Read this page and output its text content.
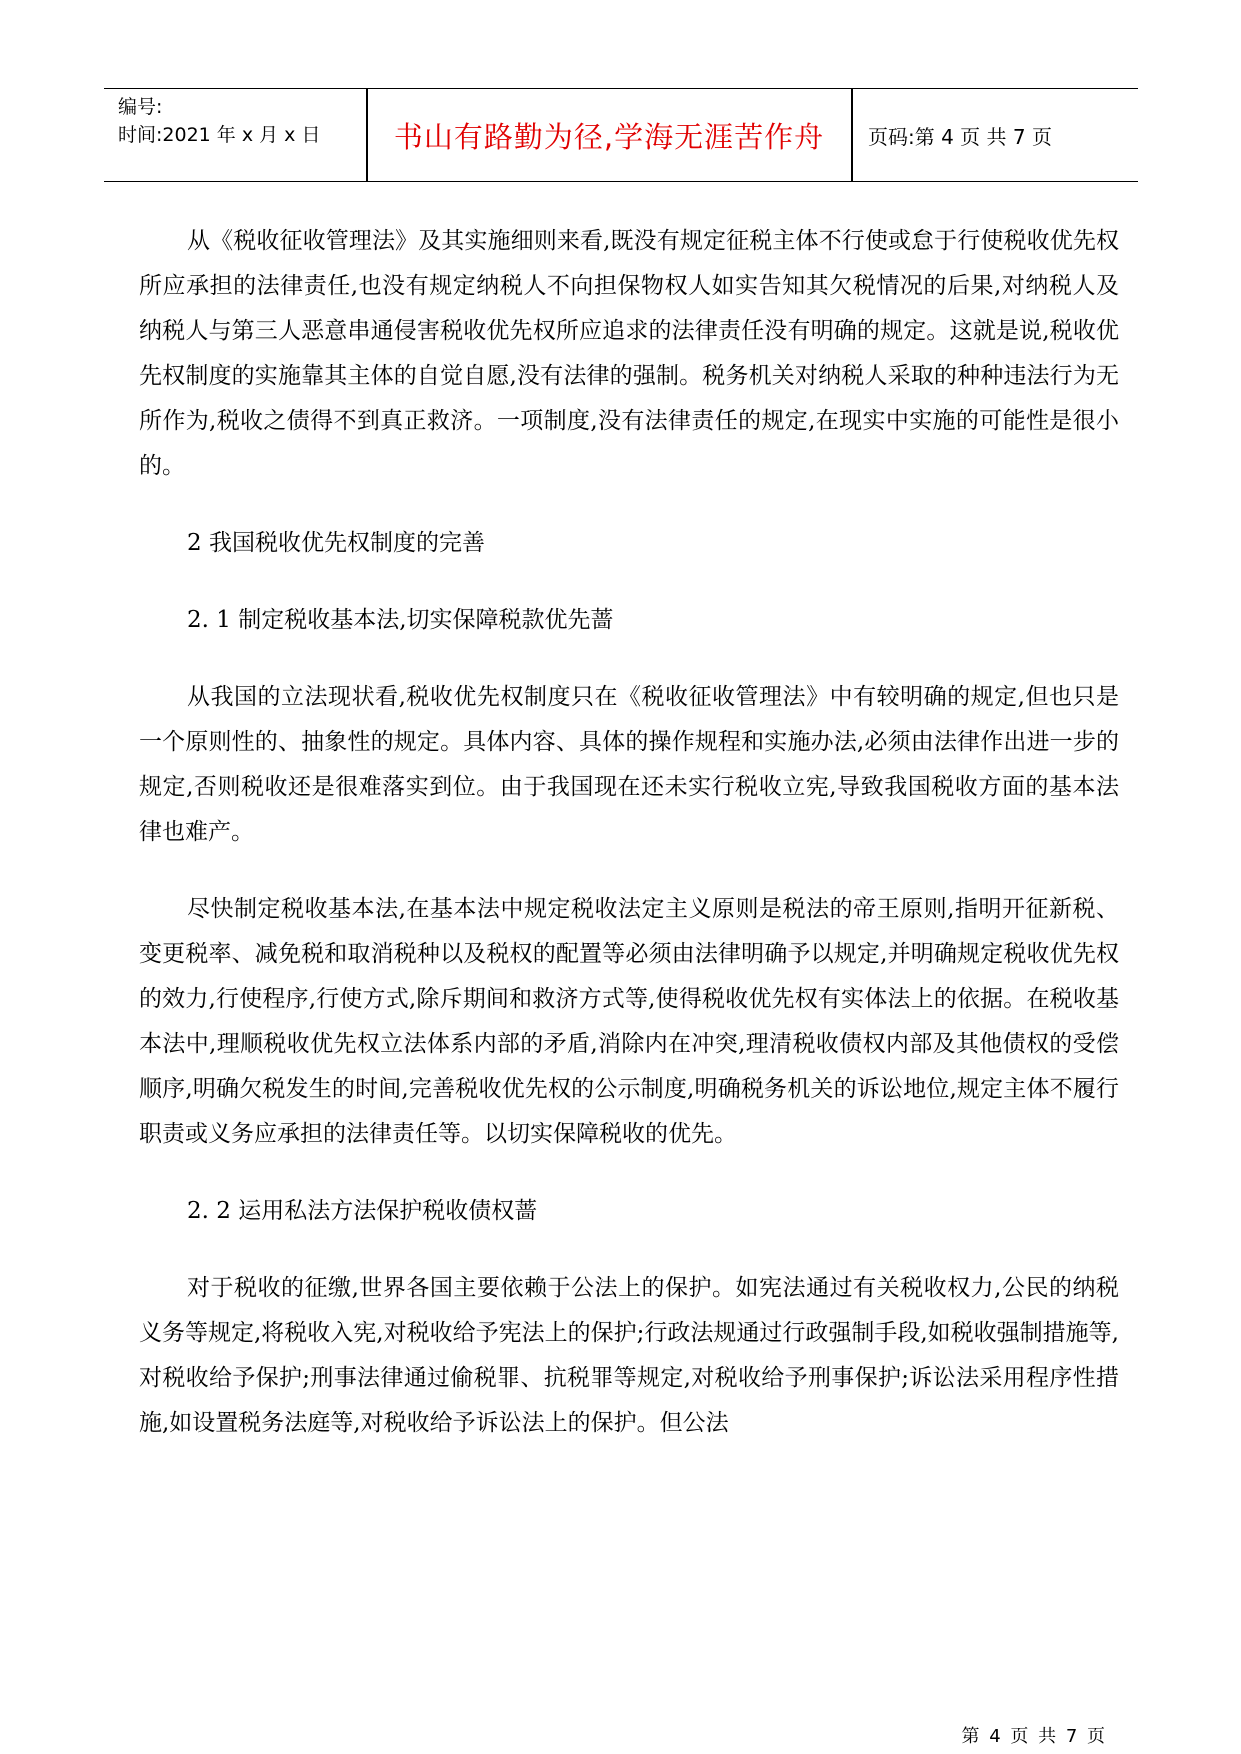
编号:
时间:2021 年 x 月 x 日	书山有路勤为径,学海无涯苦作舟	页码:第 4 页 共 7 页

从《税收征收管理法》及其实施细则来看,既没有规定征税主体不行使或怠于行使税收优先权所应承担的法律责任,也没有规定纳税人不向担保物权人如实告知其欠税情况的后果,对纳税人及纳税人与第三人恶意串通侵害税收优先权所应追求的法律责任没有明确的规定。这就是说,税收优先权制度的实施靠其主体的自觉自愿,没有法律的强制。税务机关对纳税人采取的种种违法行为无所作为,税收之债得不到真正救济。一项制度,没有法律责任的规定,在现实中实施的可能性是很小的。

2 我国税收优先权制度的完善

2. 1 制定税收基本法,切实保障税款优先蔷

从我国的立法现状看,税收优先权制度只在《税收征收管理法》中有较明确的规定,但也只是一个原则性的、抽象性的规定。具体内容、具体的操作规程和实施办法,必须由法律作出进一步的规定,否则税收还是很难落实到位。由于我国现在还未实行税收立宪,导致我国税收方面的基本法律也难产。

尽快制定税收基本法,在基本法中规定税收法定主义原则是税法的帝王原则,指明开征新税、变更税率、减免税和取消税种以及税权的配置等必须由法律明确予以规定,并明确规定税收优先权的效力,行使程序,行使方式,除斥期间和救济方式等,使得税收优先权有实体法上的依据。在税收基本法中,理顺税收优先权立法体系内部的矛盾,消除内在冲突,理清税收债权内部及其他债权的受偿顺序,明确欠税发生的时间,完善税收优先权的公示制度,明确税务机关的诉讼地位,规定主体不履行职责或义务应承担的法律责任等。以切实保障税收的优先。

2. 2 运用私法方法保护税收债权蔷

对于税收的征缴,世界各国主要依赖于公法上的保护。如宪法通过有关税收权力,公民的纳税义务等规定,将税收入宪,对税收给予宪法上的保护;行政法规通过行政强制手段,如税收强制措施等,对税收给予保护;刑事法律通过偷税罪、抗税罪等规定,对税收给予刑事保护;诉讼法采用程序性措施,如设置税务法庭等,对税收给予诉讼法上的保护。但公法

第 4 页 共 7 页
